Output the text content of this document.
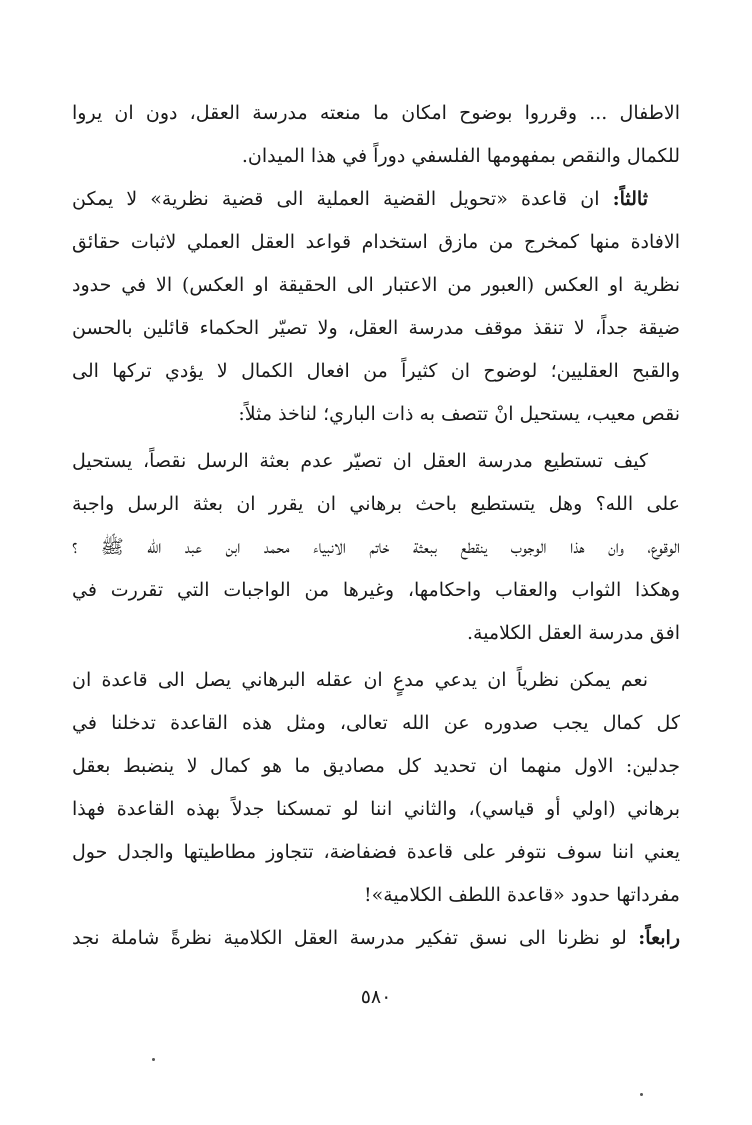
الاطفال ... وقرروا بوضوح امكان ما منعته مدرسة العقل، دون ان يروا
للكمال والنقص بمفهومها الفلسفي دوراً في هذا الميدان.
ثالثاً: ان قاعدة «تحويل القضية العملية الى قضية نظرية» لا يمكن
الافادة منها كمخرج من مازق استخدام قواعد العقل العملي لاثبات حقائق
نظرية او العكس (العبور من الاعتبار الى الحقيقة او العكس) الا في حدود
ضيقة جداً، لا تنقذ موقف مدرسة العقل، ولا تصيّر الحكماء قائلين بالحسن
والقبح العقليين؛ لوضوح ان كثيراً من افعال الكمال لا يؤدي تركها الى
نقص معيب، يستحيل انْ تتصف به ذات الباري؛ لناخذ مثلاً:
كيف تستطيع مدرسة العقل ان تصيّر عدم بعثة الرسل نقصاً، يستحيل
على الله؟ وهل يتستطيع باحث برهاني ان يقرر ان بعثة الرسل واجبة
الوقوع، وان هذا الوجوب ينقطع ببعثة خاتم الانبياء محمد ابن عبد الله ﷺ ؟
وهكذا الثواب والعقاب واحكامها، وغيرها من الواجبات التي تقررت في
افق مدرسة العقل الكلامية.
نعم يمكن نظرياً ان يدعي مدعٍ ان عقله البرهاني يصل الى قاعدة ان
كل كمال يجب صدوره عن الله تعالى، ومثل هذه القاعدة تدخلنا في
جدلين: الاول منهما ان تحديد كل مصاديق ما هو كمال لا ينضبط بعقل
برهاني (اولي أو قياسي)، والثاني اننا لو تمسكنا جدلاً بهذه القاعدة فهذا
يعني اننا سوف نتوفر على قاعدة فضفاضة، تتجاوز مطاطيتها والجدل حول
مفرداتها حدود «قاعدة اللطف الكلامية»!
رابعاً: لو نظرنا الى نسق تفكير مدرسة العقل الكلامية نظرةً شاملة نجد
٥٨٠
